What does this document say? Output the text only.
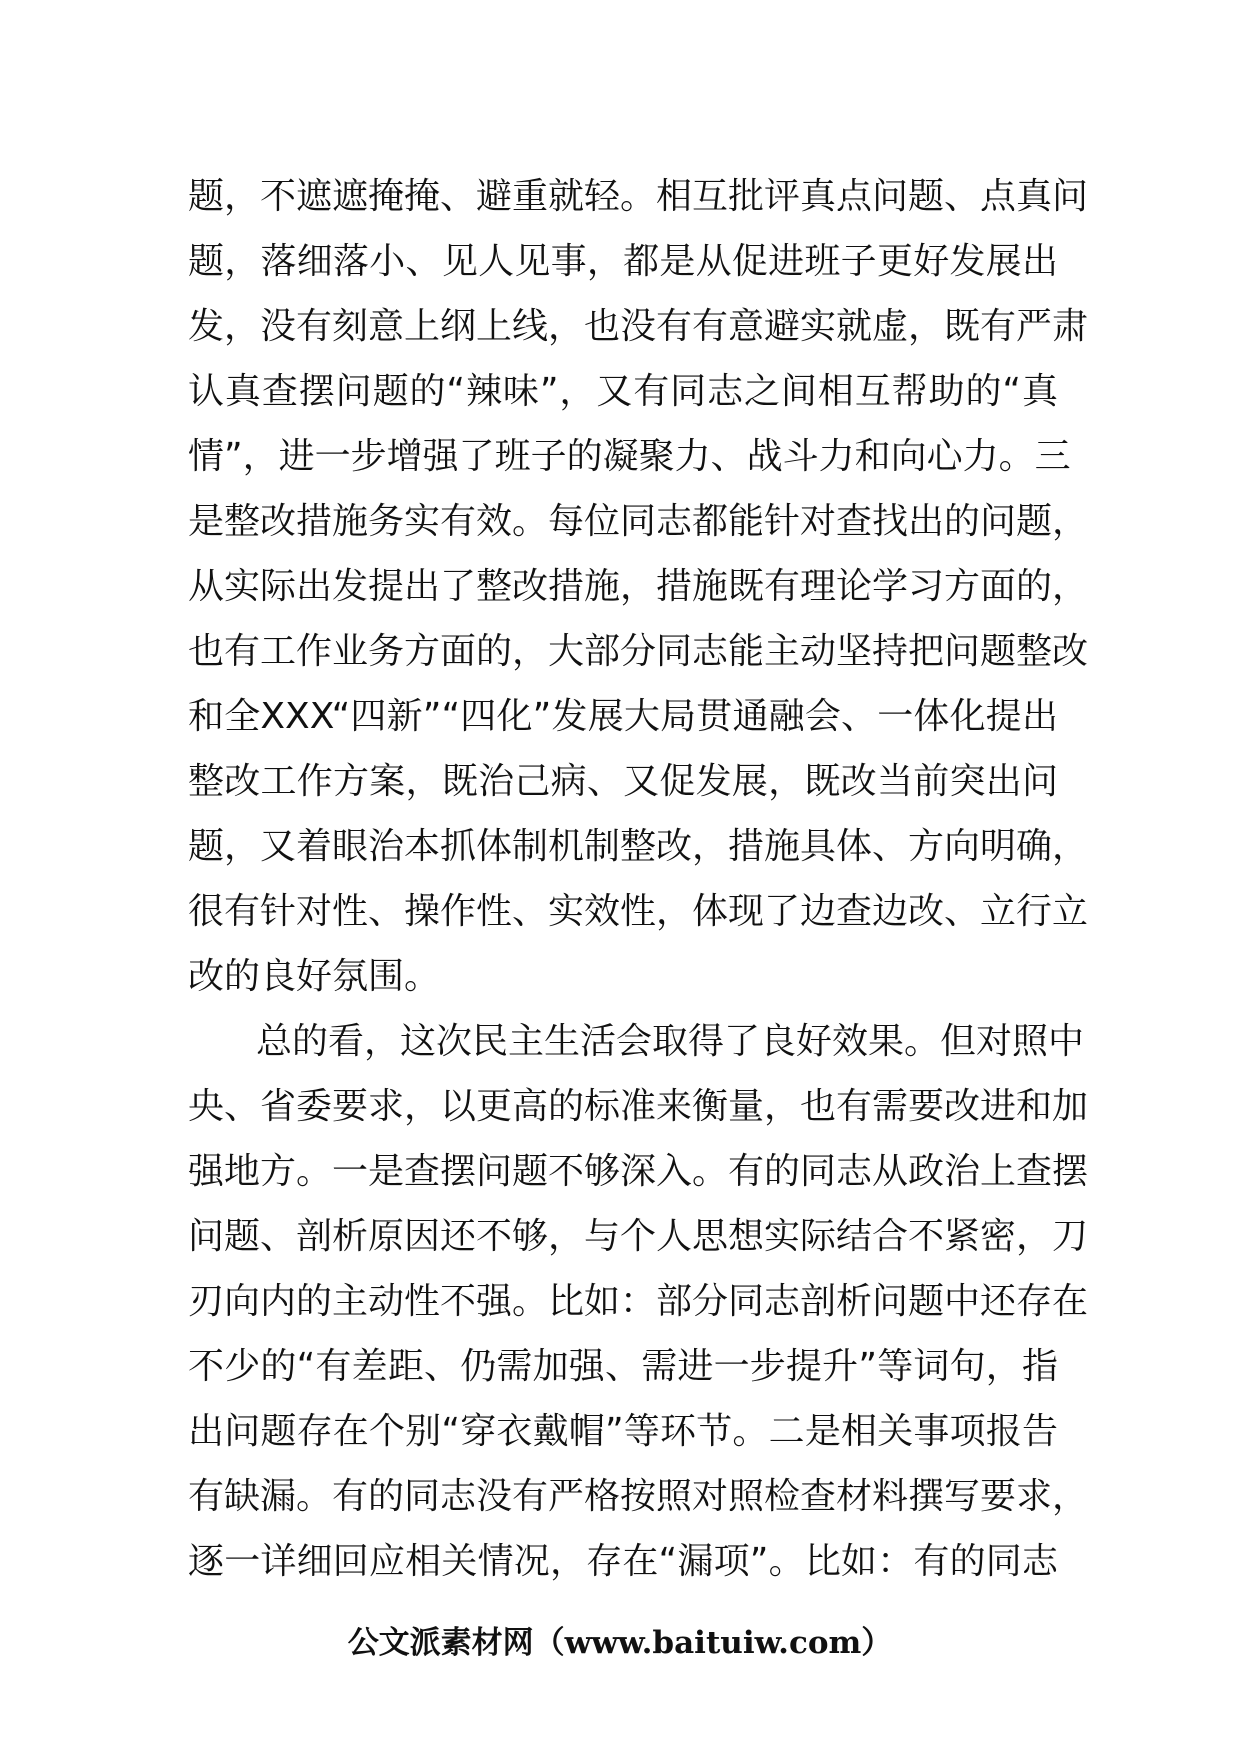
题，不遮遮掩掩、避重就轻。相互批评真点问题、点真问
题，落细落小、见人见事，都是从促进班子更好发展出
发，没有刻意上纲上线，也没有有意避实就虚，既有严肃
认真查摆问题的“辣味”，又有同志之间相互帮助的“真
情”，进一步增强了班子的凝聚力、战斗力和向心力。三
是整改措施务实有效。每位同志都能针对查找出的问题，
从实际出发提出了整改措施，措施既有理论学习方面的，
也有工作业务方面的，大部分同志能主动坚持把问题整改
和全XXX“四新”“四化”发展大局贯通融会、一体化提出
整改工作方案，既治己病、又促发展，既改当前突出问
题，又着眼治本抓体制机制整改，措施具体、方向明确，
很有针对性、操作性、实效性，体现了边查边改、立行立
改的良好氛围。
总的看，这次民主生活会取得了良好效果。但对照中
央、省委要求，以更高的标准来衡量，也有需要改进和加
强地方。一是查摆问题不够深入。有的同志从政治上查摆
问题、剖析原因还不够，与个人思想实际结合不紧密，刀
刃向内的主动性不强。比如：部分同志剖析问题中还存在
不少的“有差距、仍需加强、需进一步提升”等词句，指
出问题存在个别“穿衣戴帽”等环节。二是相关事项报告
有缺漏。有的同志没有严格按照对照检查材料撰写要求，
逐一详细回应相关情况，存在“漏项”。比如：有的同志
公文派素材网（www.baituiw.com）
